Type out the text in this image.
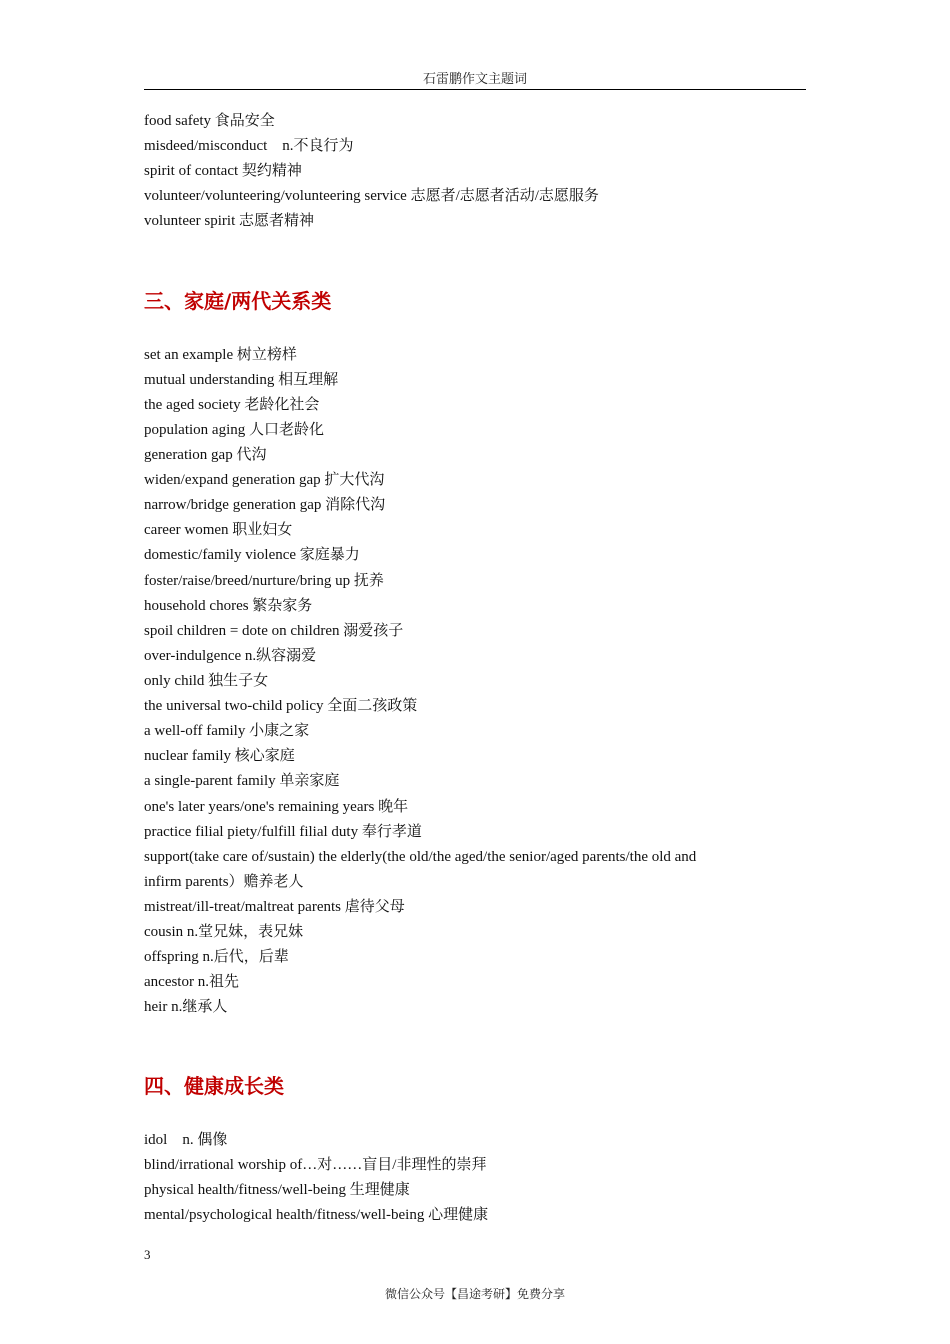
石雷鹏作文主题词
food safety 食品安全
misdeed/misconduct　n.不良行为
spirit of contact 契约精神
volunteer/volunteering/volunteering service 志愿者/志愿者活动/志愿服务
volunteer spirit 志愿者精神
三、家庭/两代关系类
set an example 树立榜样
mutual understanding 相互理解
the aged society 老龄化社会
population aging 人口老龄化
generation gap 代沟
widen/expand generation gap 扩大代沟
narrow/bridge generation gap 消除代沟
career women 职业妇女
domestic/family violence 家庭暴力
foster/raise/breed/nurture/bring up 抚养
household chores 繁杂家务
spoil children = dote on children 溺爱孩子
over-indulgence n.纵容溺爱
only child 独生子女
the universal two-child policy 全面二孩政策
a well-off family 小康之家
nuclear family 核心家庭
a single-parent family 单亲家庭
one's later years/one's remaining years 晚年
practice filial piety/fulfill filial duty 奉行孝道
support(take care of/sustain) the elderly(the old/the aged/the senior/aged parents/the old and
infirm parents）赡养老人
mistreat/ill-treat/maltreat parents 虐待父母
cousin n.堂兄妹，表兄妹
offspring n.后代，后辈
ancestor n.祖先
heir n.继承人
四、健康成长类
idol　n. 偶像
blind/irrational worship of…对……盲目/非理性的崇拜
physical health/fitness/well-being 生理健康
mental/psychological health/fitness/well-being 心理健康
3
微信公众号【昌途考研】免费分享
